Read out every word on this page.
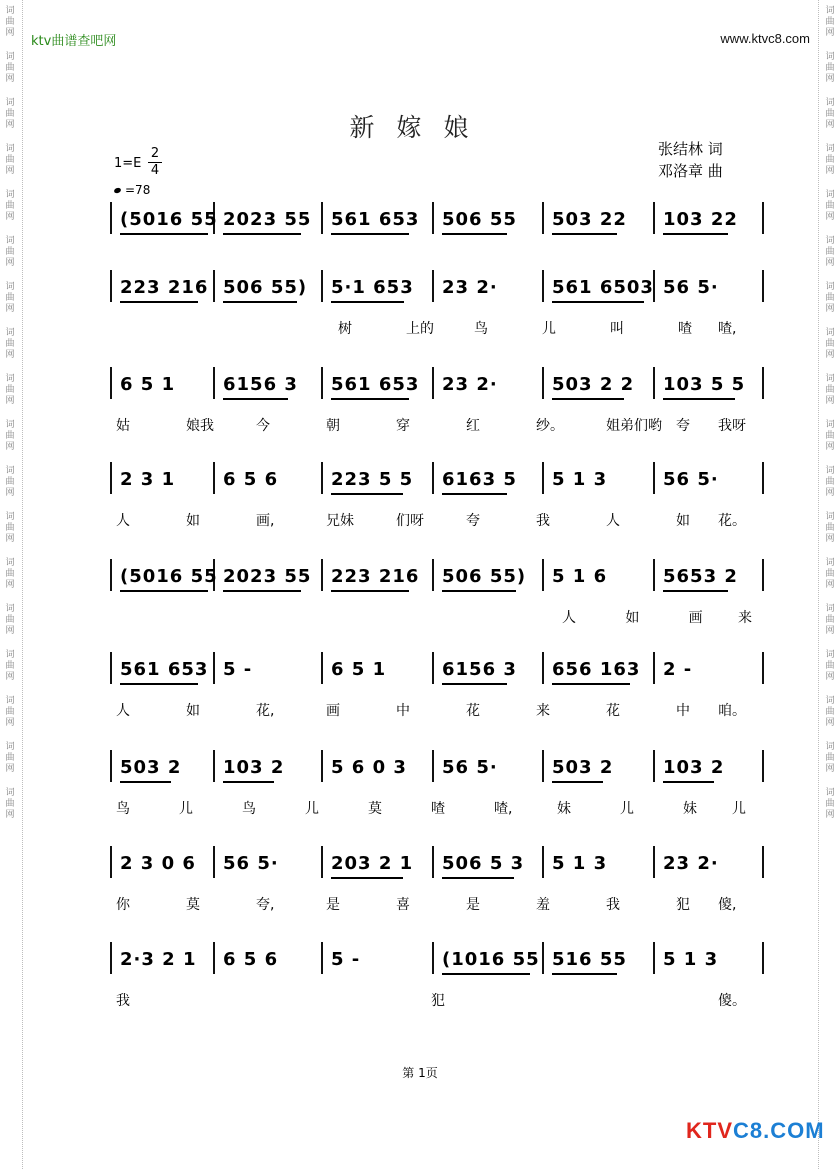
词
曲
网
词
曲
网
词
曲
网
词
曲
网
词
曲
网
词
曲
网
词
曲
网
词
曲
网
词
曲
网
词
曲
网
词
曲
网
词
曲
网
词
曲
网
词
曲
网
词
曲
网
词
曲
网
词
曲
网
词
曲
网
词
曲
网
词
曲
网
词
曲
网
词
曲
网
词
曲
网
词
曲
网
词
曲
网
词
曲
网
词
曲
网
词
曲
网
词
曲
网
词
曲
网
词
曲
网
词
曲
网
词
曲
网
词
曲
网
词
曲
网
词
曲
网
ktv曲谱查吧网	www.ktvc8.com
新嫁娘
$1=E \frac{2}{4}$
=78
张结林 词
邓洛章 曲
(5016 55 2023 55 561 653 506 55 503 22 103 22
223 216 506 55) 5·1 653 23 2·	561 6503 56 5·
树	上的	鸟	儿	叫	喳 喳,
6 5 1	6156 3 561 653 23 2·	503 2 2 103 5 5
姑	娘我	今	朝	穿	红	纱。	姐弟们哟 夸 我呀
2 3 1	6 5 6	223 5 5 6163 5 5 1 3	56 5·
人	如	画,	兄妹	们呀	夸	我	人	如 花。
(5016 55 2023 55 223 216 506 55) 5 1 6	5653 2
人	如	画	来
561 653 5 -	6 5 1	6156 3 656 163 2 -
人	如	花,	画	中	花	来	花	中 咱。
503 2 103 2	5 6 0 3 56 5·	503 2	103 2
鸟	儿	鸟	儿	莫	喳	喳,	妹	儿	妹	儿
2 3 0 6 56 5·	203 2 1 506 5 3 5 1 3	23 2·
你	莫	夸,	是	喜	是	羞	我	犯 傻,
2·3 2 1 6 5 6	5 -	(1016 55 516 55 5 1 3
我	犯	傻。
第 1页
KTVC8.COM
